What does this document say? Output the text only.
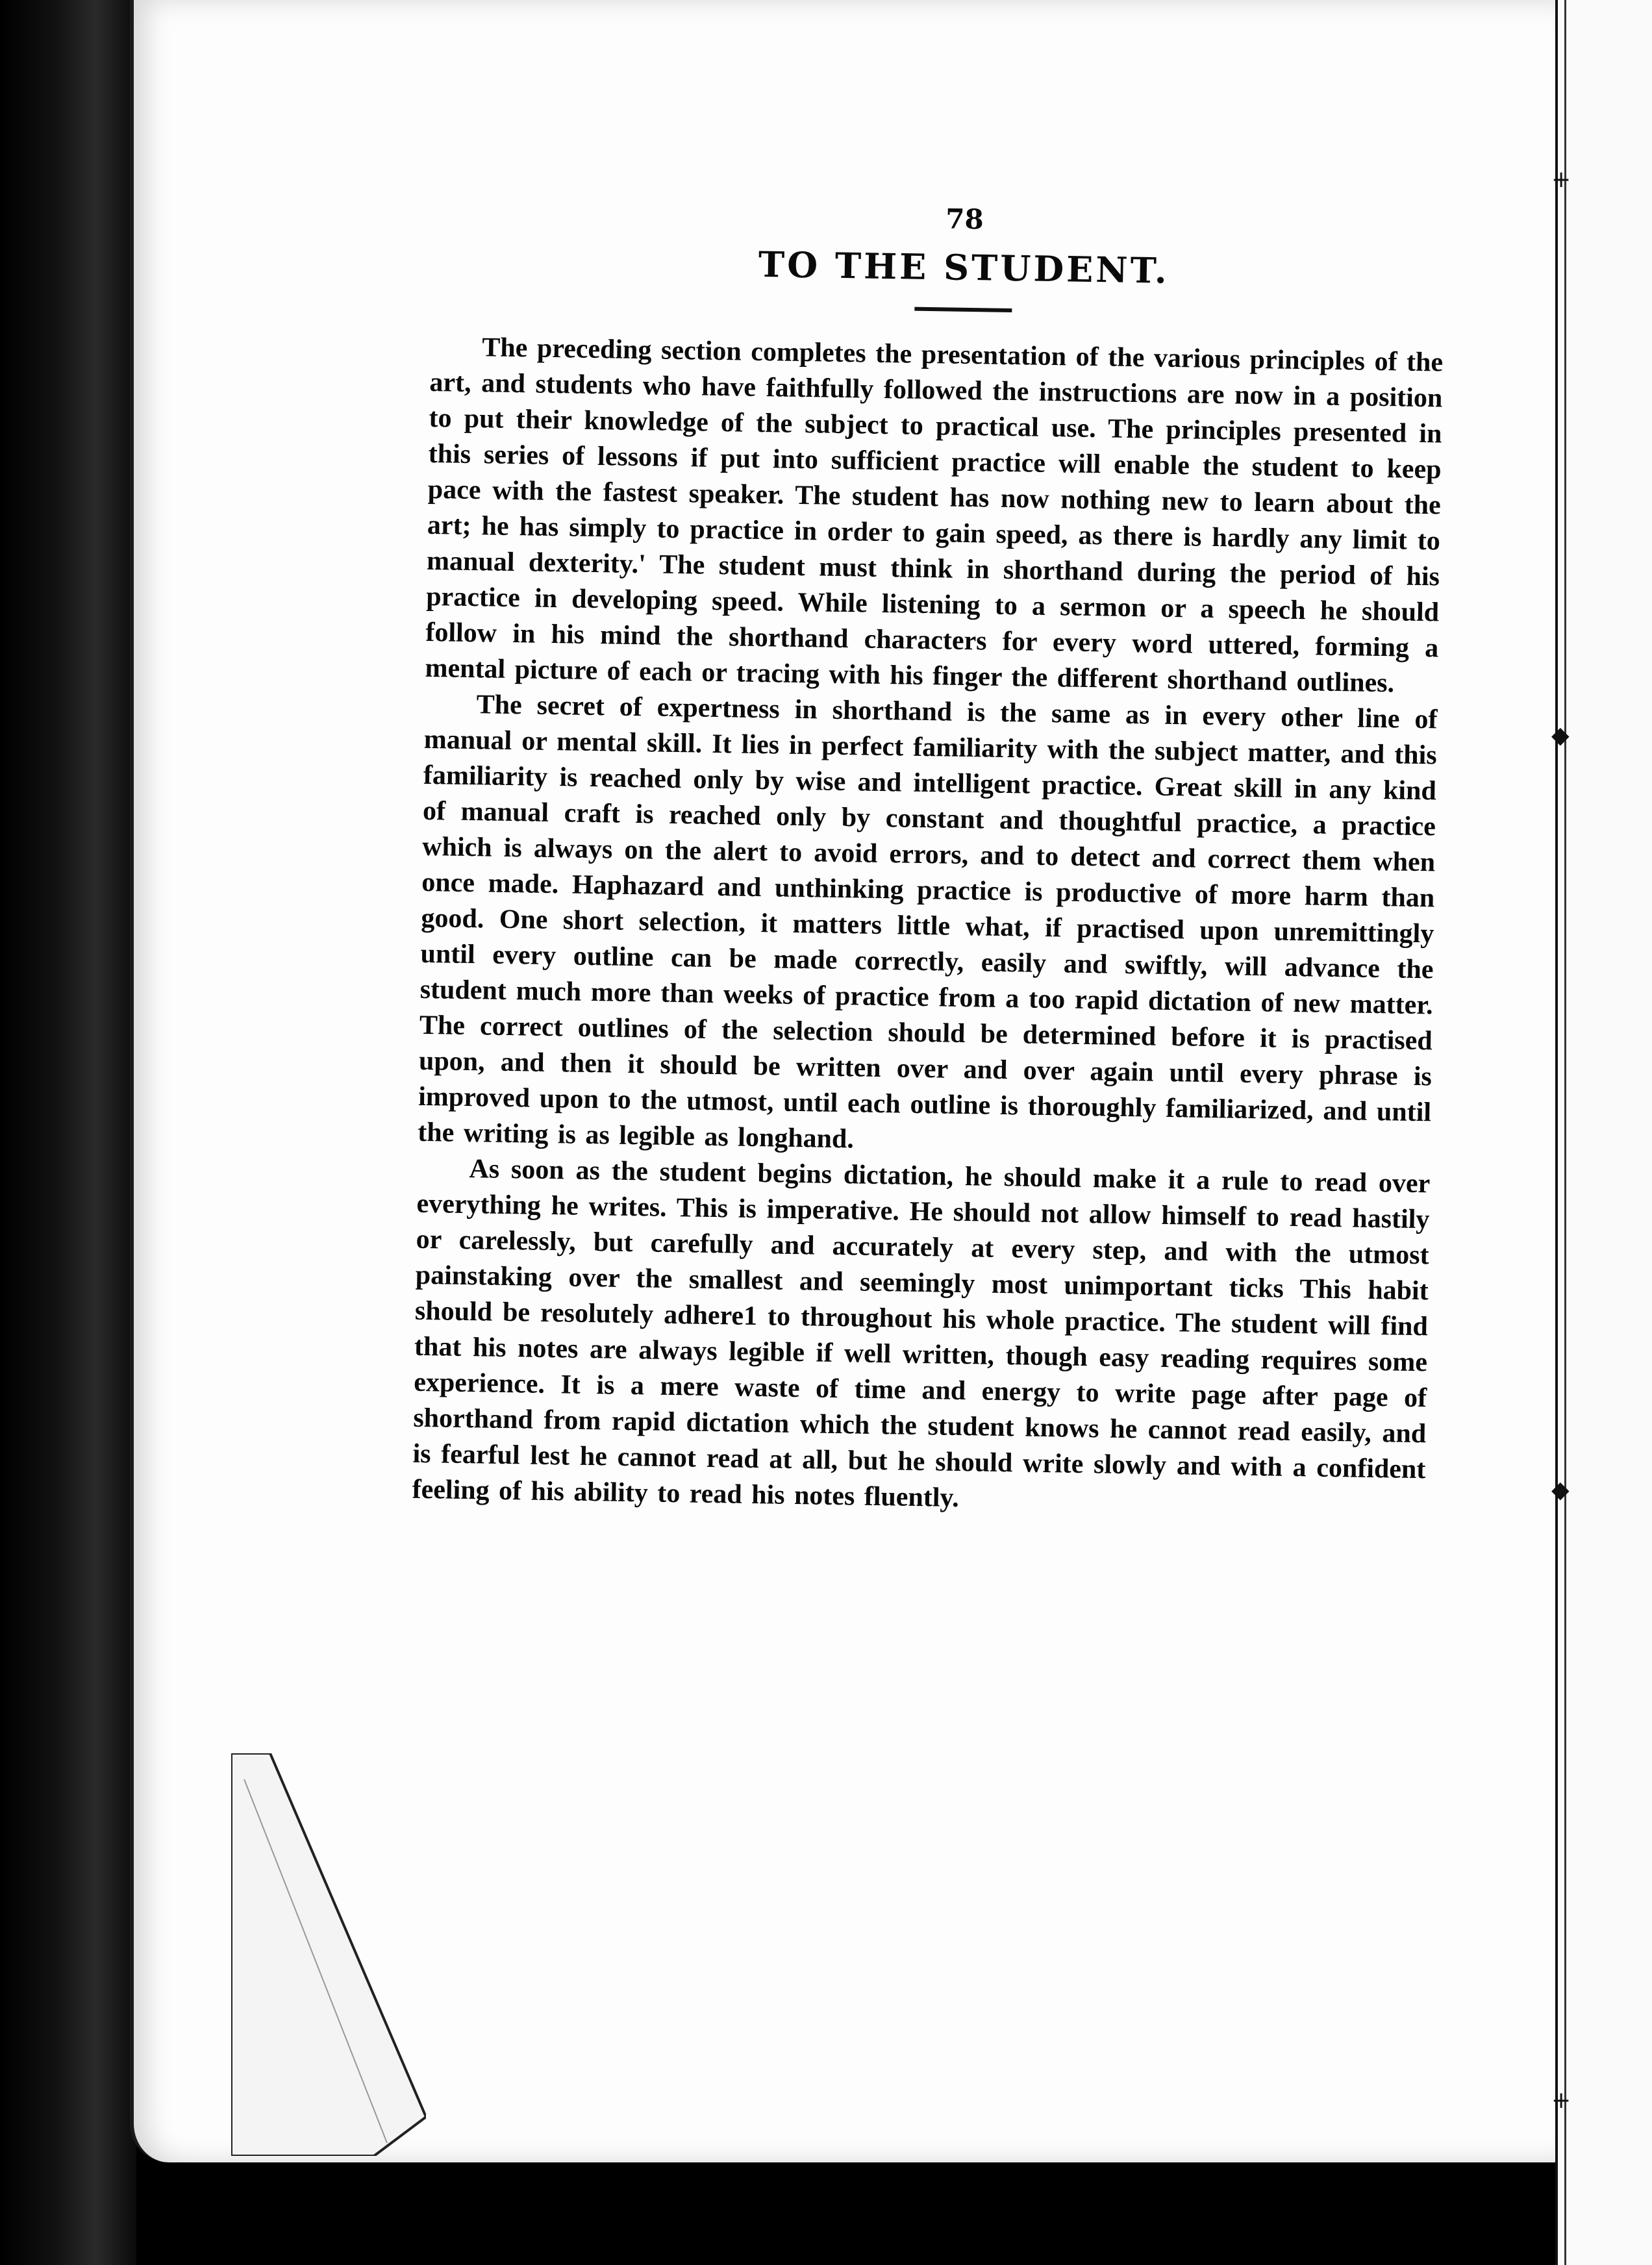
78
TO THE STUDENT.

The preceding section completes the presentation of the various principles of the art, and students who have faithfully followed the instructions are now in a position to put their knowledge of the subject to practical use. The principles presented in this series of lessons if put into sufficient practice will enable the student to keep pace with the fastest speaker. The student has now nothing new to learn about the art; he has simply to practice in order to gain speed, as there is hardly any limit to manual dexterity.' The student must think in shorthand during the period of his practice in developing speed. While listening to a sermon or a speech he should follow in his mind the shorthand characters for every word uttered, forming a mental picture of each or tracing with his finger the different shorthand outlines.

The secret of expertness in shorthand is the same as in every other line of manual or mental skill. It lies in perfect familiarity with the subject matter, and this familiarity is reached only by wise and intelligent practice. Great skill in any kind of manual craft is reached only by constant and thoughtful practice, a practice which is always on the alert to avoid errors, and to detect and correct them when once made. Haphazard and unthinking practice is productive of more harm than good. One short selection, it matters little what, if practised upon unremittingly until every outline can be made correctly, easily and swiftly, will advance the student much more than weeks of practice from a too rapid dictation of new matter. The correct outlines of the selection should be determined before it is practised upon, and then it should be written over and over again until every phrase is improved upon to the utmost, until each outline is thoroughly familiarized, and until the writing is as legible as longhand.

As soon as the student begins dictation, he should make it a rule to read over everything he writes. This is imperative. He should not allow himself to read hastily or carelessly, but carefully and accurately at every step, and with the utmost painstaking over the smallest and seemingly most unimportant ticks This habit should be resolutely adhere1 to throughout his whole practice. The student will find that his notes are always legible if well written, though easy reading requires some experience. It is a mere waste of time and energy to write page after page of shorthand from rapid dictation which the student knows he cannot read easily, and is fearful lest he cannot read at all, but he should write slowly and with a confident feeling of his ability to read his notes fluently.

+
◆
◆
+
